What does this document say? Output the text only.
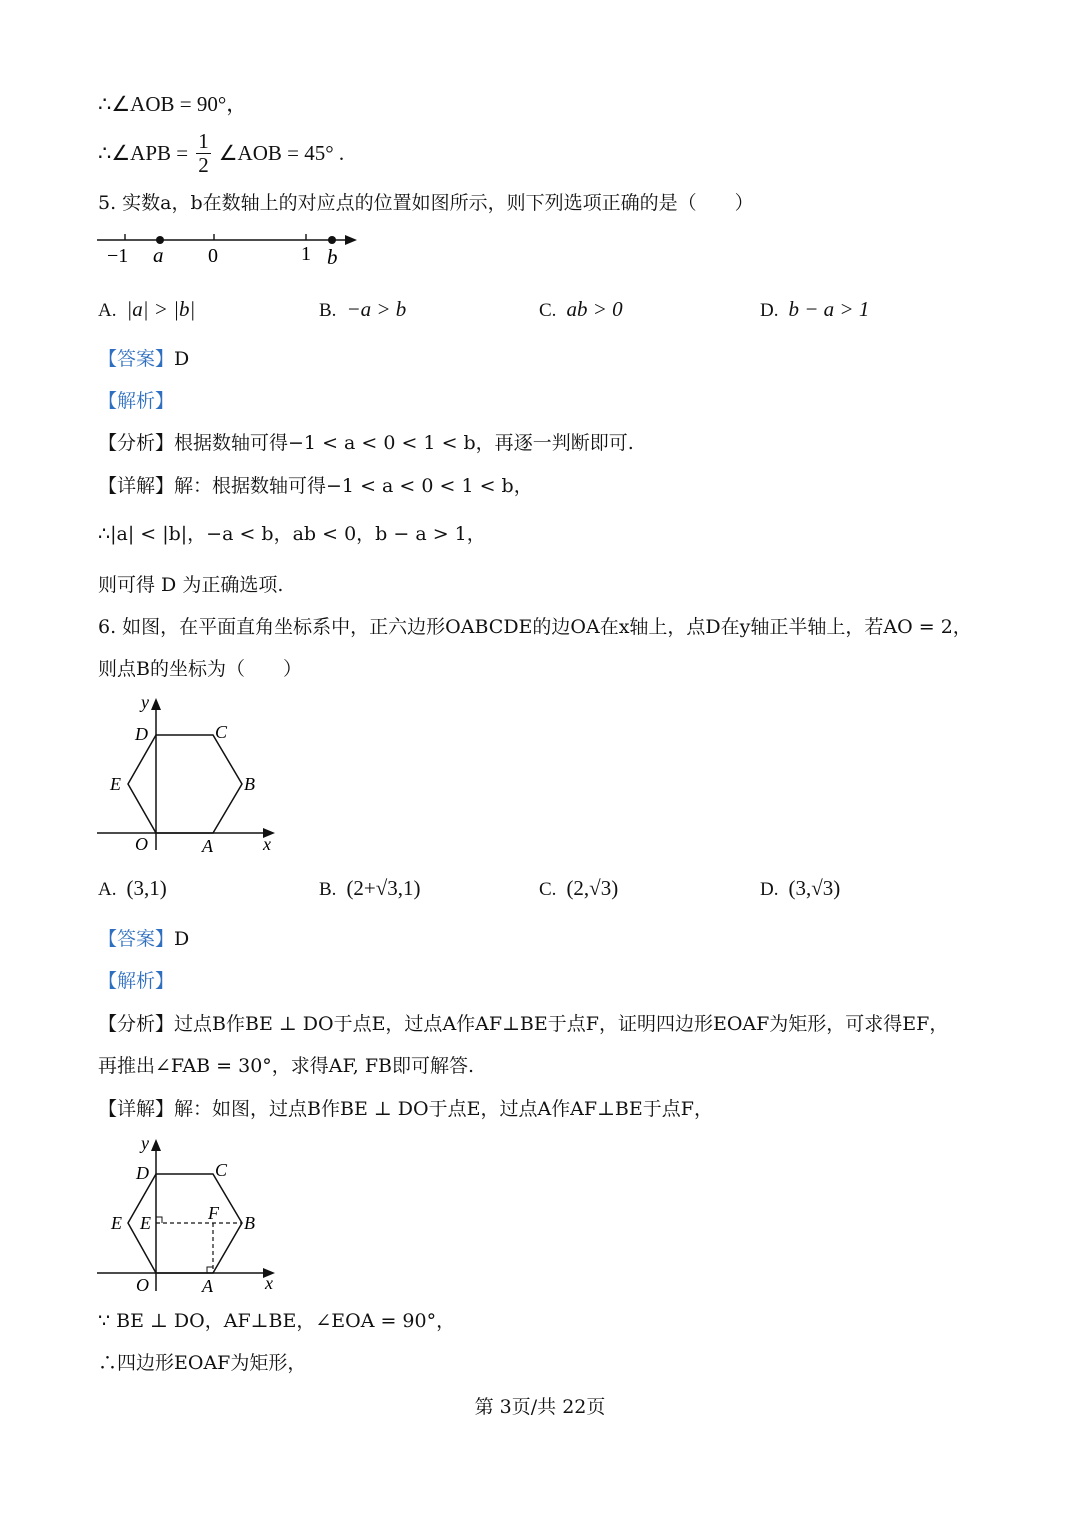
∴∠AOB = 90°，
∴∠APB = $\frac{1}{2}$ ∠AOB = 45° .
5. 实数a，b在数轴上的对应点的位置如图所示，则下列选项正确的是（　　）
−1 a 0	1 b
A. |a| > |b|	B. −a > b	C. ab > 0	D. b − a > 1
【答案】D
【解析】
【分析】根据数轴可得−1 < a < 0 < 1 < b，再逐一判断即可.
【详解】解：根据数轴可得−1 < a < 0 < 1 < b，
∴|a| < |b|，−a < b，ab < 0，b − a > 1，
则可得 D 为正确选项.
6. 如图，在平面直角坐标系中，正六边形OABCDE的边OA在x轴上，点D在y轴正半轴上，若AO = 2，
则点B的坐标为（　　）
y
D	C
E	B
O	A	x
A. (3,1)	B. (2+√3,1)	C. (2,√3)	D. (3,√3)
【答案】D
【解析】
【分析】过点B作BE ⊥ DO于点E，过点A作AF⊥BE于点F，证明四边形EOAF为矩形，可求得EF，
再推出∠FAB = 30°，求得AF, FB即可解答.
【详解】解：如图，过点B作BE ⊥ DO于点E，过点A作AF⊥BE于点F，
y
D	C
E E	F B
O	A	x
∵ BE ⊥ DO，AF⊥BE，∠EOA = 90°，
∴四边形EOAF为矩形，
第 3页/共 22页
